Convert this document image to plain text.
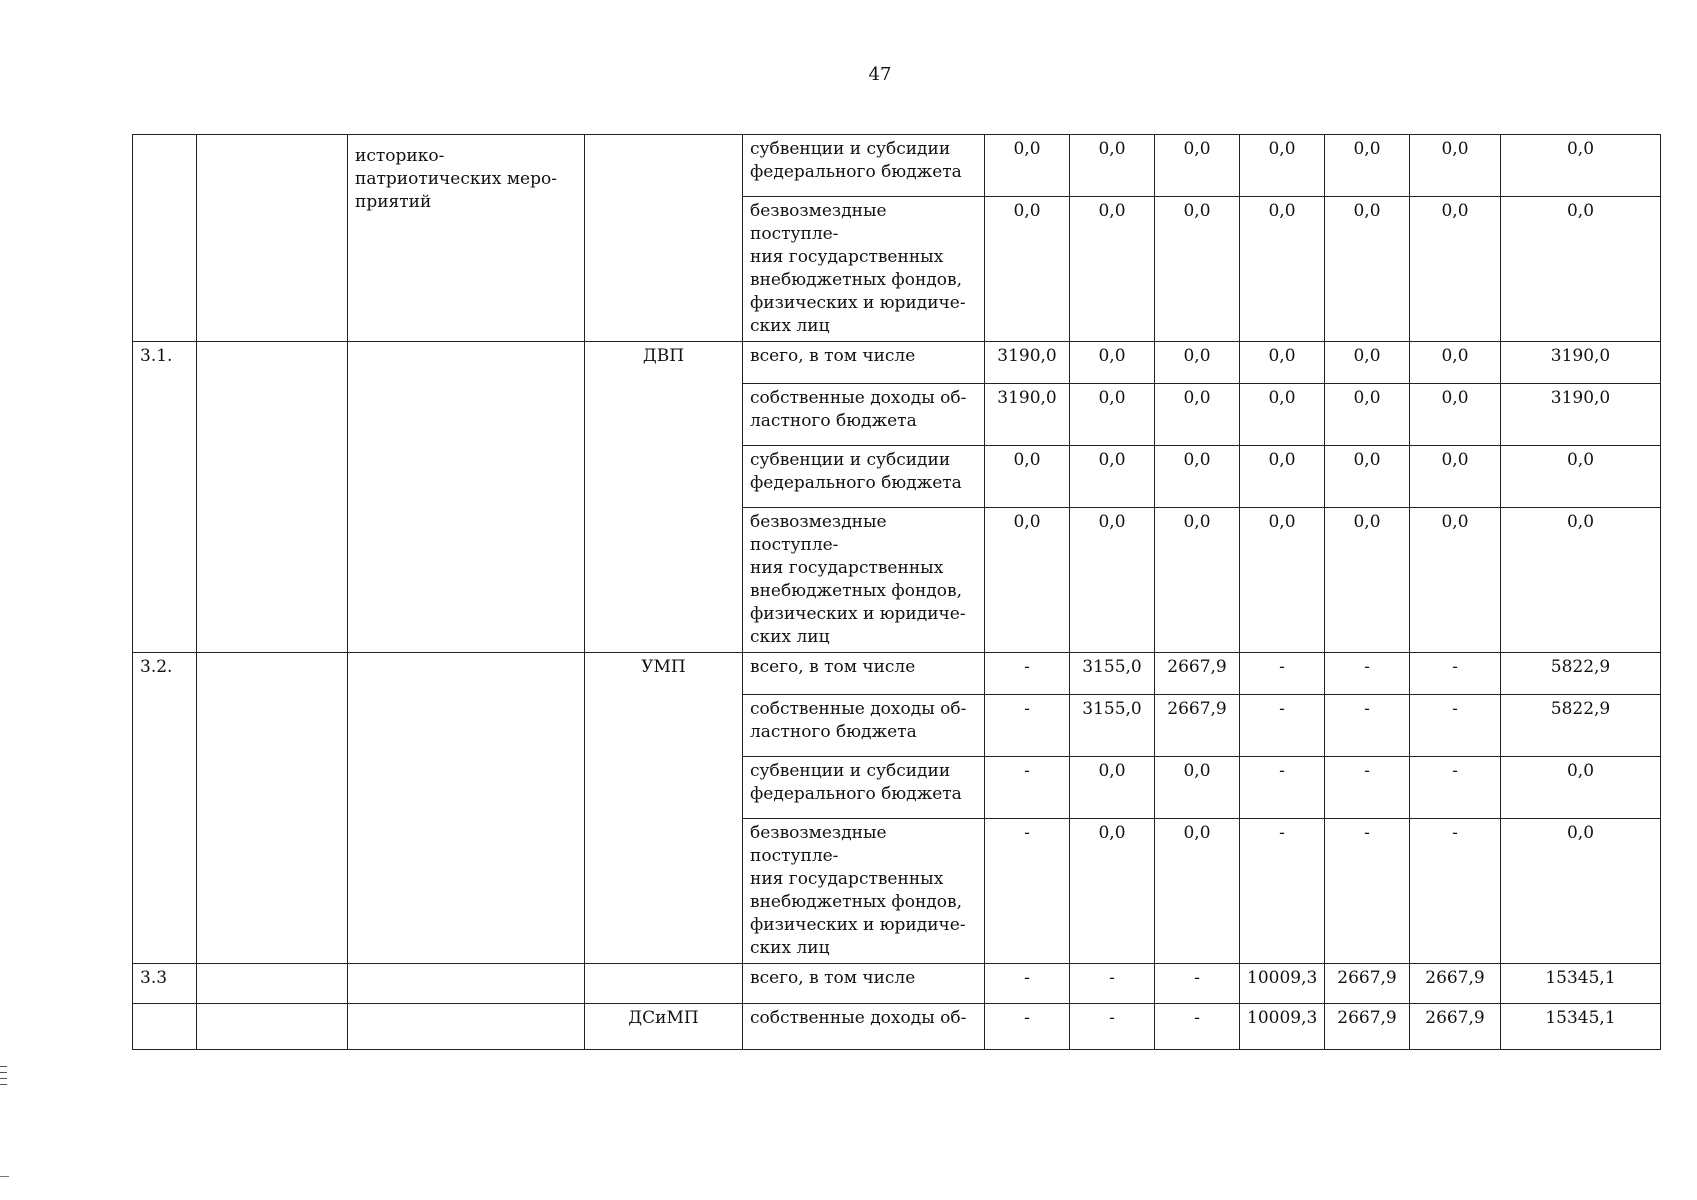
47
		историко-
патриотических меро-
приятий		субвенции и субсидии федерального бюджета	0,0	0,0	0,0	0,0	0,0	0,0	0,0
				безвозмездные поступле-
ния государственных
внебюджетных фондов,
физических и юридиче-
ских лиц	0,0	0,0	0,0	0,0	0,0	0,0	0,0
3.1.			ДВП	всего, в том числе	3190,0	0,0	0,0	0,0	0,0	0,0	3190,0
				собственные доходы об-
ластного бюджета	3190,0	0,0	0,0	0,0	0,0	0,0	3190,0
				субвенции и субсидии
федерального бюджета	0,0	0,0	0,0	0,0	0,0	0,0	0,0
				безвозмездные поступле-
ния государственных
внебюджетных фондов,
физических и юридиче-
ских лиц	0,0	0,0	0,0	0,0	0,0	0,0	0,0
3.2.			УМП	всего, в том числе	-	3155,0	2667,9	-	-	-	5822,9
				собственные доходы об-
ластного бюджета	-	3155,0	2667,9	-	-	-	5822,9
				субвенции и субсидии
федерального бюджета	-	0,0	0,0	-	-	-	0,0
				безвозмездные поступле-
ния государственных
внебюджетных фондов,
физических и юридиче-
ских лиц	-	0,0	0,0	-	-	-	0,0
3.3				всего, в том числе	-	-	-	10009,3	2667,9	2667,9	15345,1
			ДСиМП	собственные доходы об-	-	-	-	10009,3	2667,9	2667,9	15345,1
